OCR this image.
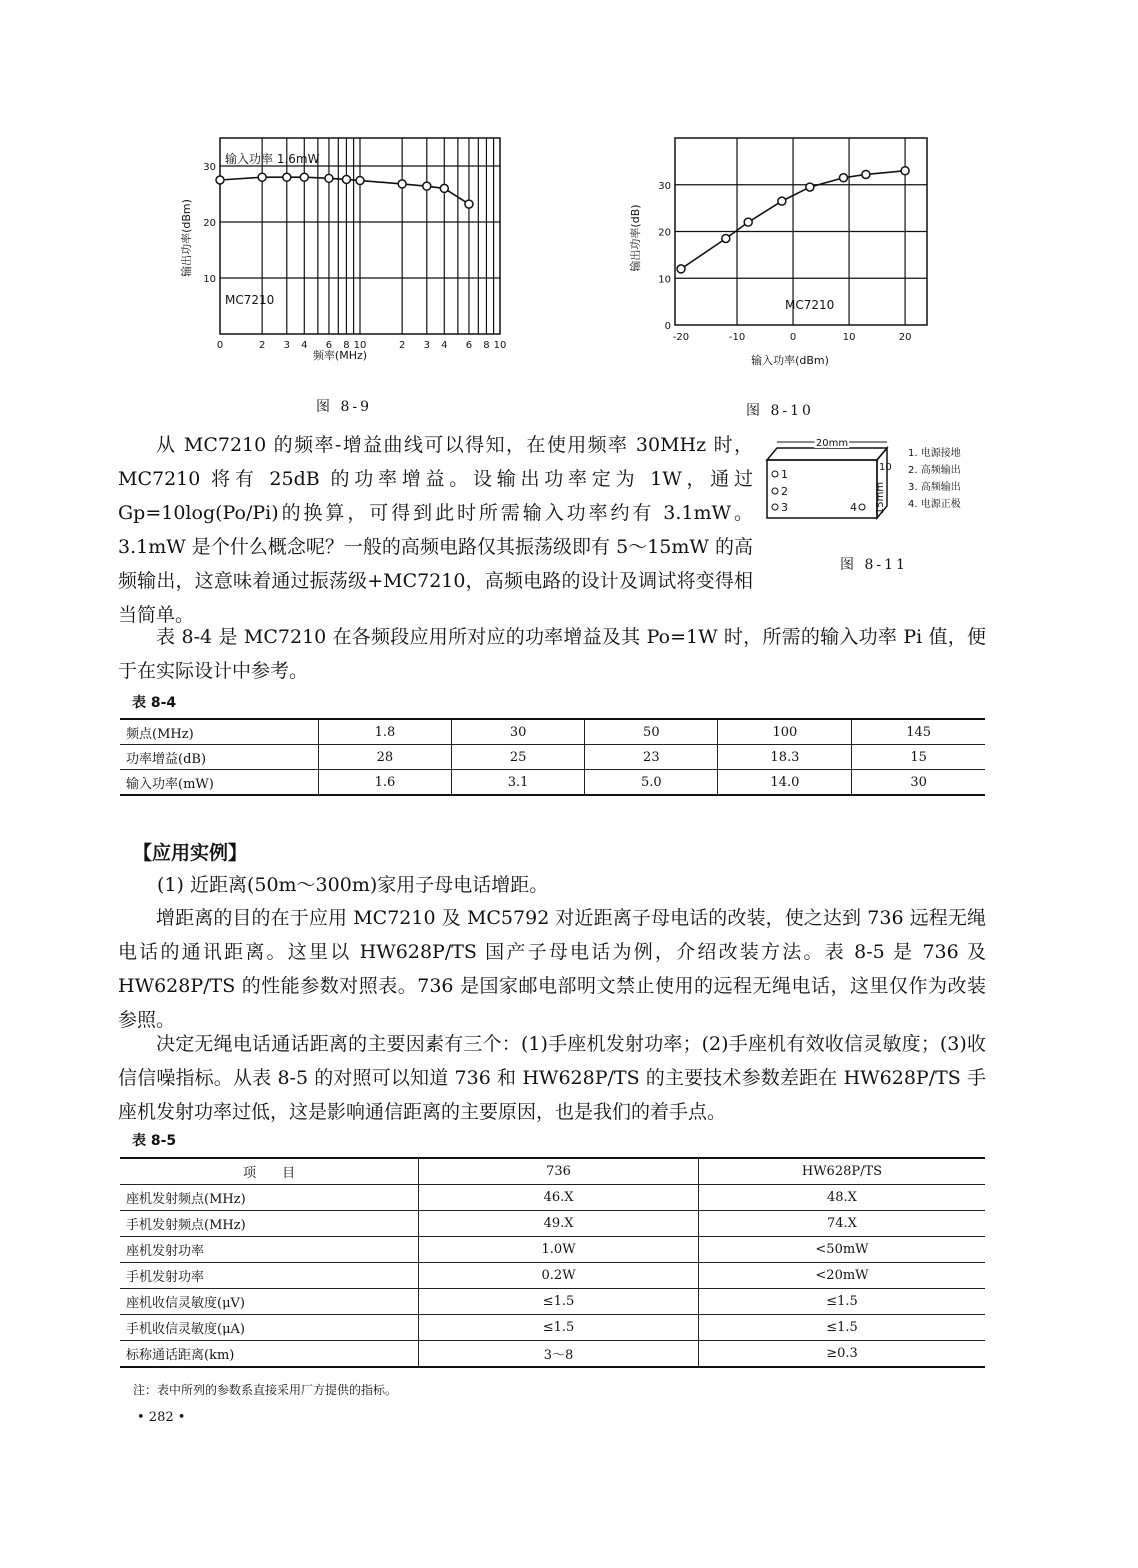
0	2 3 4 6 8 10	2 3 4 6 8 10
10
20
30
输入功率 1.6mW
MC7210
频率(MHz)
输出功率(dBm)
图 8-9
-20	-10	0	10	20
0
10
20
30
MC7210
输入功率(dBm)
输出功率(dB)
图 8-10
20mm
10
15mm
1
2
3	4
1. 电源接地
2. 高频输出
3. 高频输出
4. 电源正极
图 8-11
从 MC7210 的频率-增益曲线可以得知，在使用频率 30MHz 时，MC7210 将有 25dB 的功率增益。设输出功率定为 1W，通过 Gp=10log(Po/Pi)的换算，可得到此时所需输入功率约有 3.1mW。3.1mW 是个什么概念呢？一般的高频电路仅其振荡级即有 5～15mW 的高频输出，这意味着通过振荡级+MC7210，高频电路的设计及调试将变得相当简单。
表 8-4 是 MC7210 在各频段应用所对应的功率增益及其 Po=1W 时，所需的输入功率 Pi 值，便于在实际设计中参考。
表 8-4
频点(MHz)	1.8	30	50	100	145
功率增益(dB)	28	25	23	18.3	15
输入功率(mW)	1.6	3.1	5.0	14.0	30
【应用实例】
(1) 近距离(50m～300m)家用子母电话增距。
增距离的目的在于应用 MC7210 及 MC5792 对近距离子母电话的改装，使之达到 736 远程无绳电话的通讯距离。这里以 HW628P/TS 国产子母电话为例，介绍改装方法。表 8-5 是 736 及 HW628P/TS 的性能参数对照表。736 是国家邮电部明文禁止使用的远程无绳电话，这里仅作为改装参照。
决定无绳电话通话距离的主要因素有三个：(1)手座机发射功率；(2)手座机有效收信灵敏度；(3)收信信噪指标。从表 8-5 的对照可以知道 736 和 HW628P/TS 的主要技术参数差距在 HW628P/TS 手座机发射功率过低，这是影响通信距离的主要原因，也是我们的着手点。
表 8-5
项　　目	736	HW628P/TS
座机发射频点(MHz)	46.X	48.X
手机发射频点(MHz)	49.X	74.X
座机发射功率	1.0W	<50mW
手机发射功率	0.2W	<20mW
座机收信灵敏度(μV)	≤1.5	≤1.5
手机收信灵敏度(μA)	≤1.5	≤1.5
标称通话距离(km)	3～8	≥0.3
注：表中所列的参数系直接采用厂方提供的指标。
• 282 •
